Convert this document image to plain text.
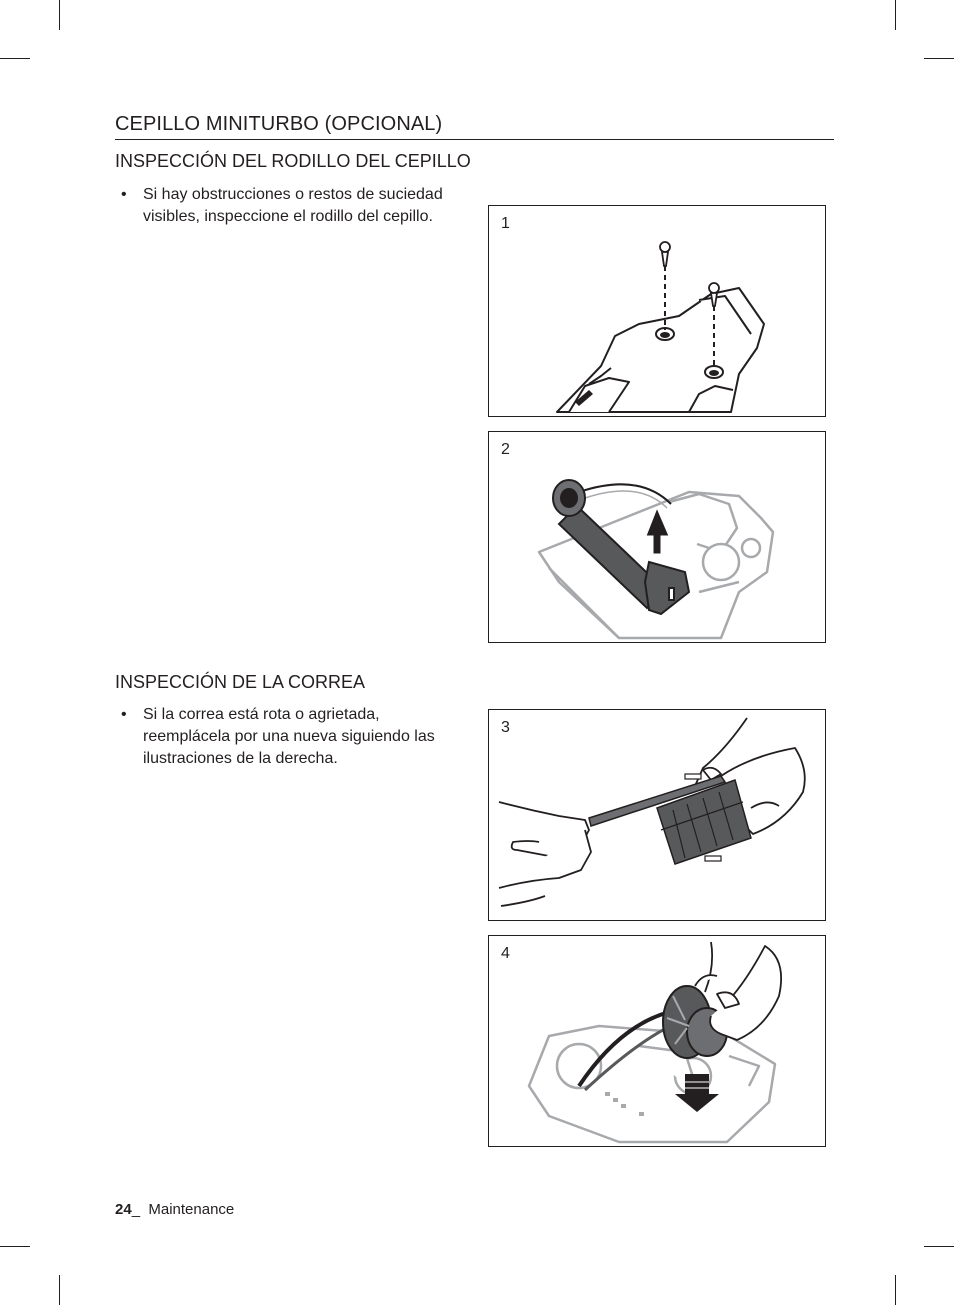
CEPILLO MINITURBO (OPCIONAL)
INSPECCIÓN DEL RODILLO DEL CEPILLO
• Si hay obstrucciones o restos de suciedad
visibles, inspeccione el rodillo del cepillo.
INSPECCIÓN DE LA CORREA
• Si la correa está rota o agrietada,
reemplácela por una nueva siguiendo las
ilustraciones de la derecha.
1
2
3
4
24_ Maintenance
